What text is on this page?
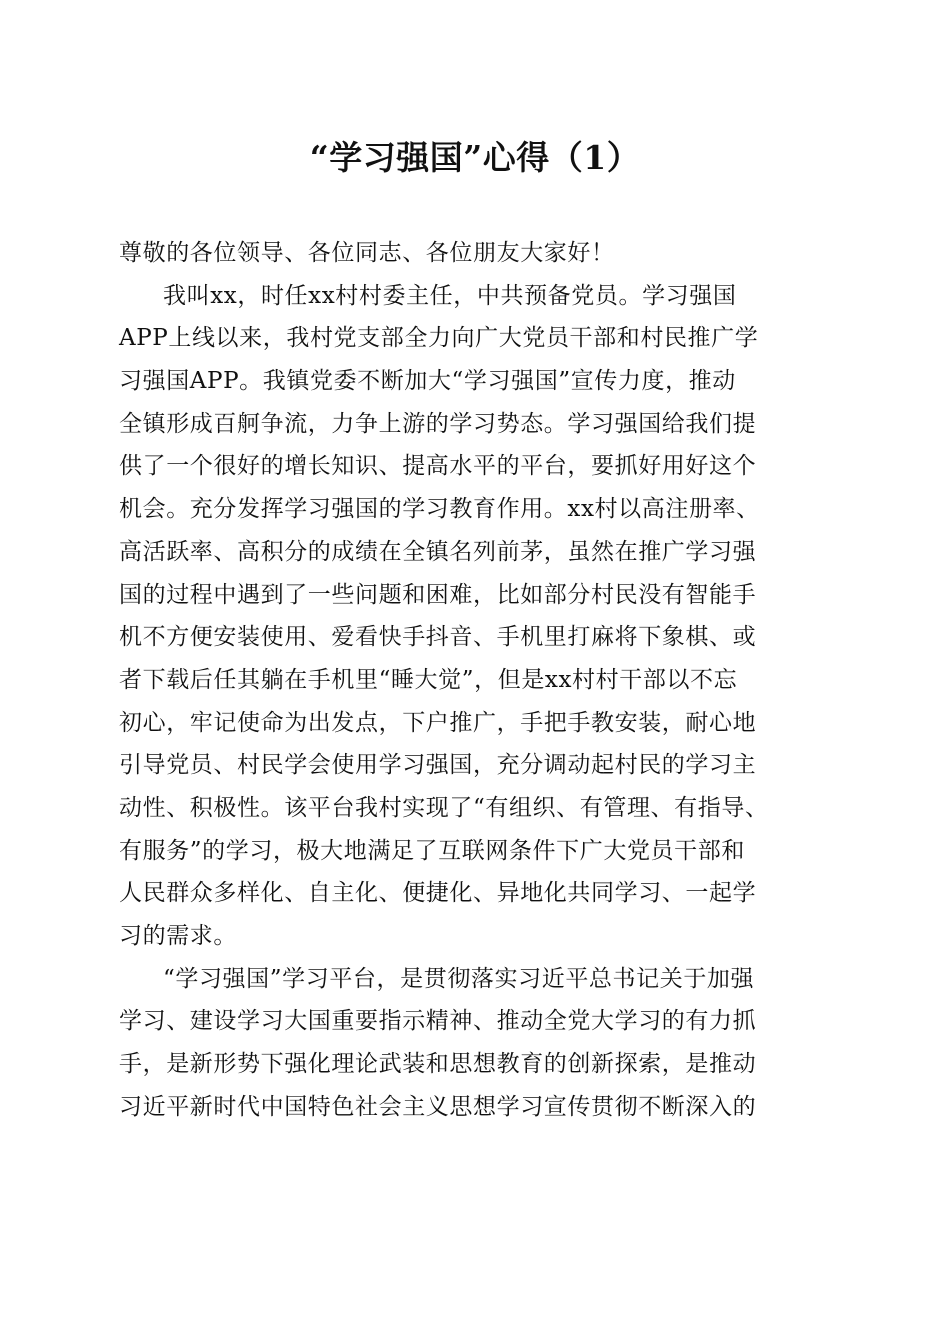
“学习强国”心得（1）
尊敬的各位领导、各位同志、各位朋友大家好！
我叫xx，时任xx村村委主任，中共预备党员。学习强国
APP上线以来，我村党支部全力向广大党员干部和村民推广学
习强国APP。我镇党委不断加大“学习强国”宣传力度，推动
全镇形成百舸争流，力争上游的学习势态。学习强国给我们提
供了一个很好的增长知识、提高水平的平台，要抓好用好这个
机会。充分发挥学习强国的学习教育作用。xx村以高注册率、
高活跃率、高积分的成绩在全镇名列前茅，虽然在推广学习强
国的过程中遇到了一些问题和困难，比如部分村民没有智能手
机不方便安装使用、爱看快手抖音、手机里打麻将下象棋、或
者下载后任其躺在手机里“睡大觉”，但是xx村村干部以不忘
初心，牢记使命为出发点，下户推广，手把手教安装，耐心地
引导党员、村民学会使用学习强国，充分调动起村民的学习主
动性、积极性。该平台我村实现了“有组织、有管理、有指导、
有服务”的学习，极大地满足了互联网条件下广大党员干部和
人民群众多样化、自主化、便捷化、异地化共同学习、一起学
习的需求。
“学习强国”学习平台，是贯彻落实习近平总书记关于加强
学习、建设学习大国重要指示精神、推动全党大学习的有力抓
手，是新形势下强化理论武装和思想教育的创新探索，是推动
习近平新时代中国特色社会主义思想学习宣传贯彻不断深入的
